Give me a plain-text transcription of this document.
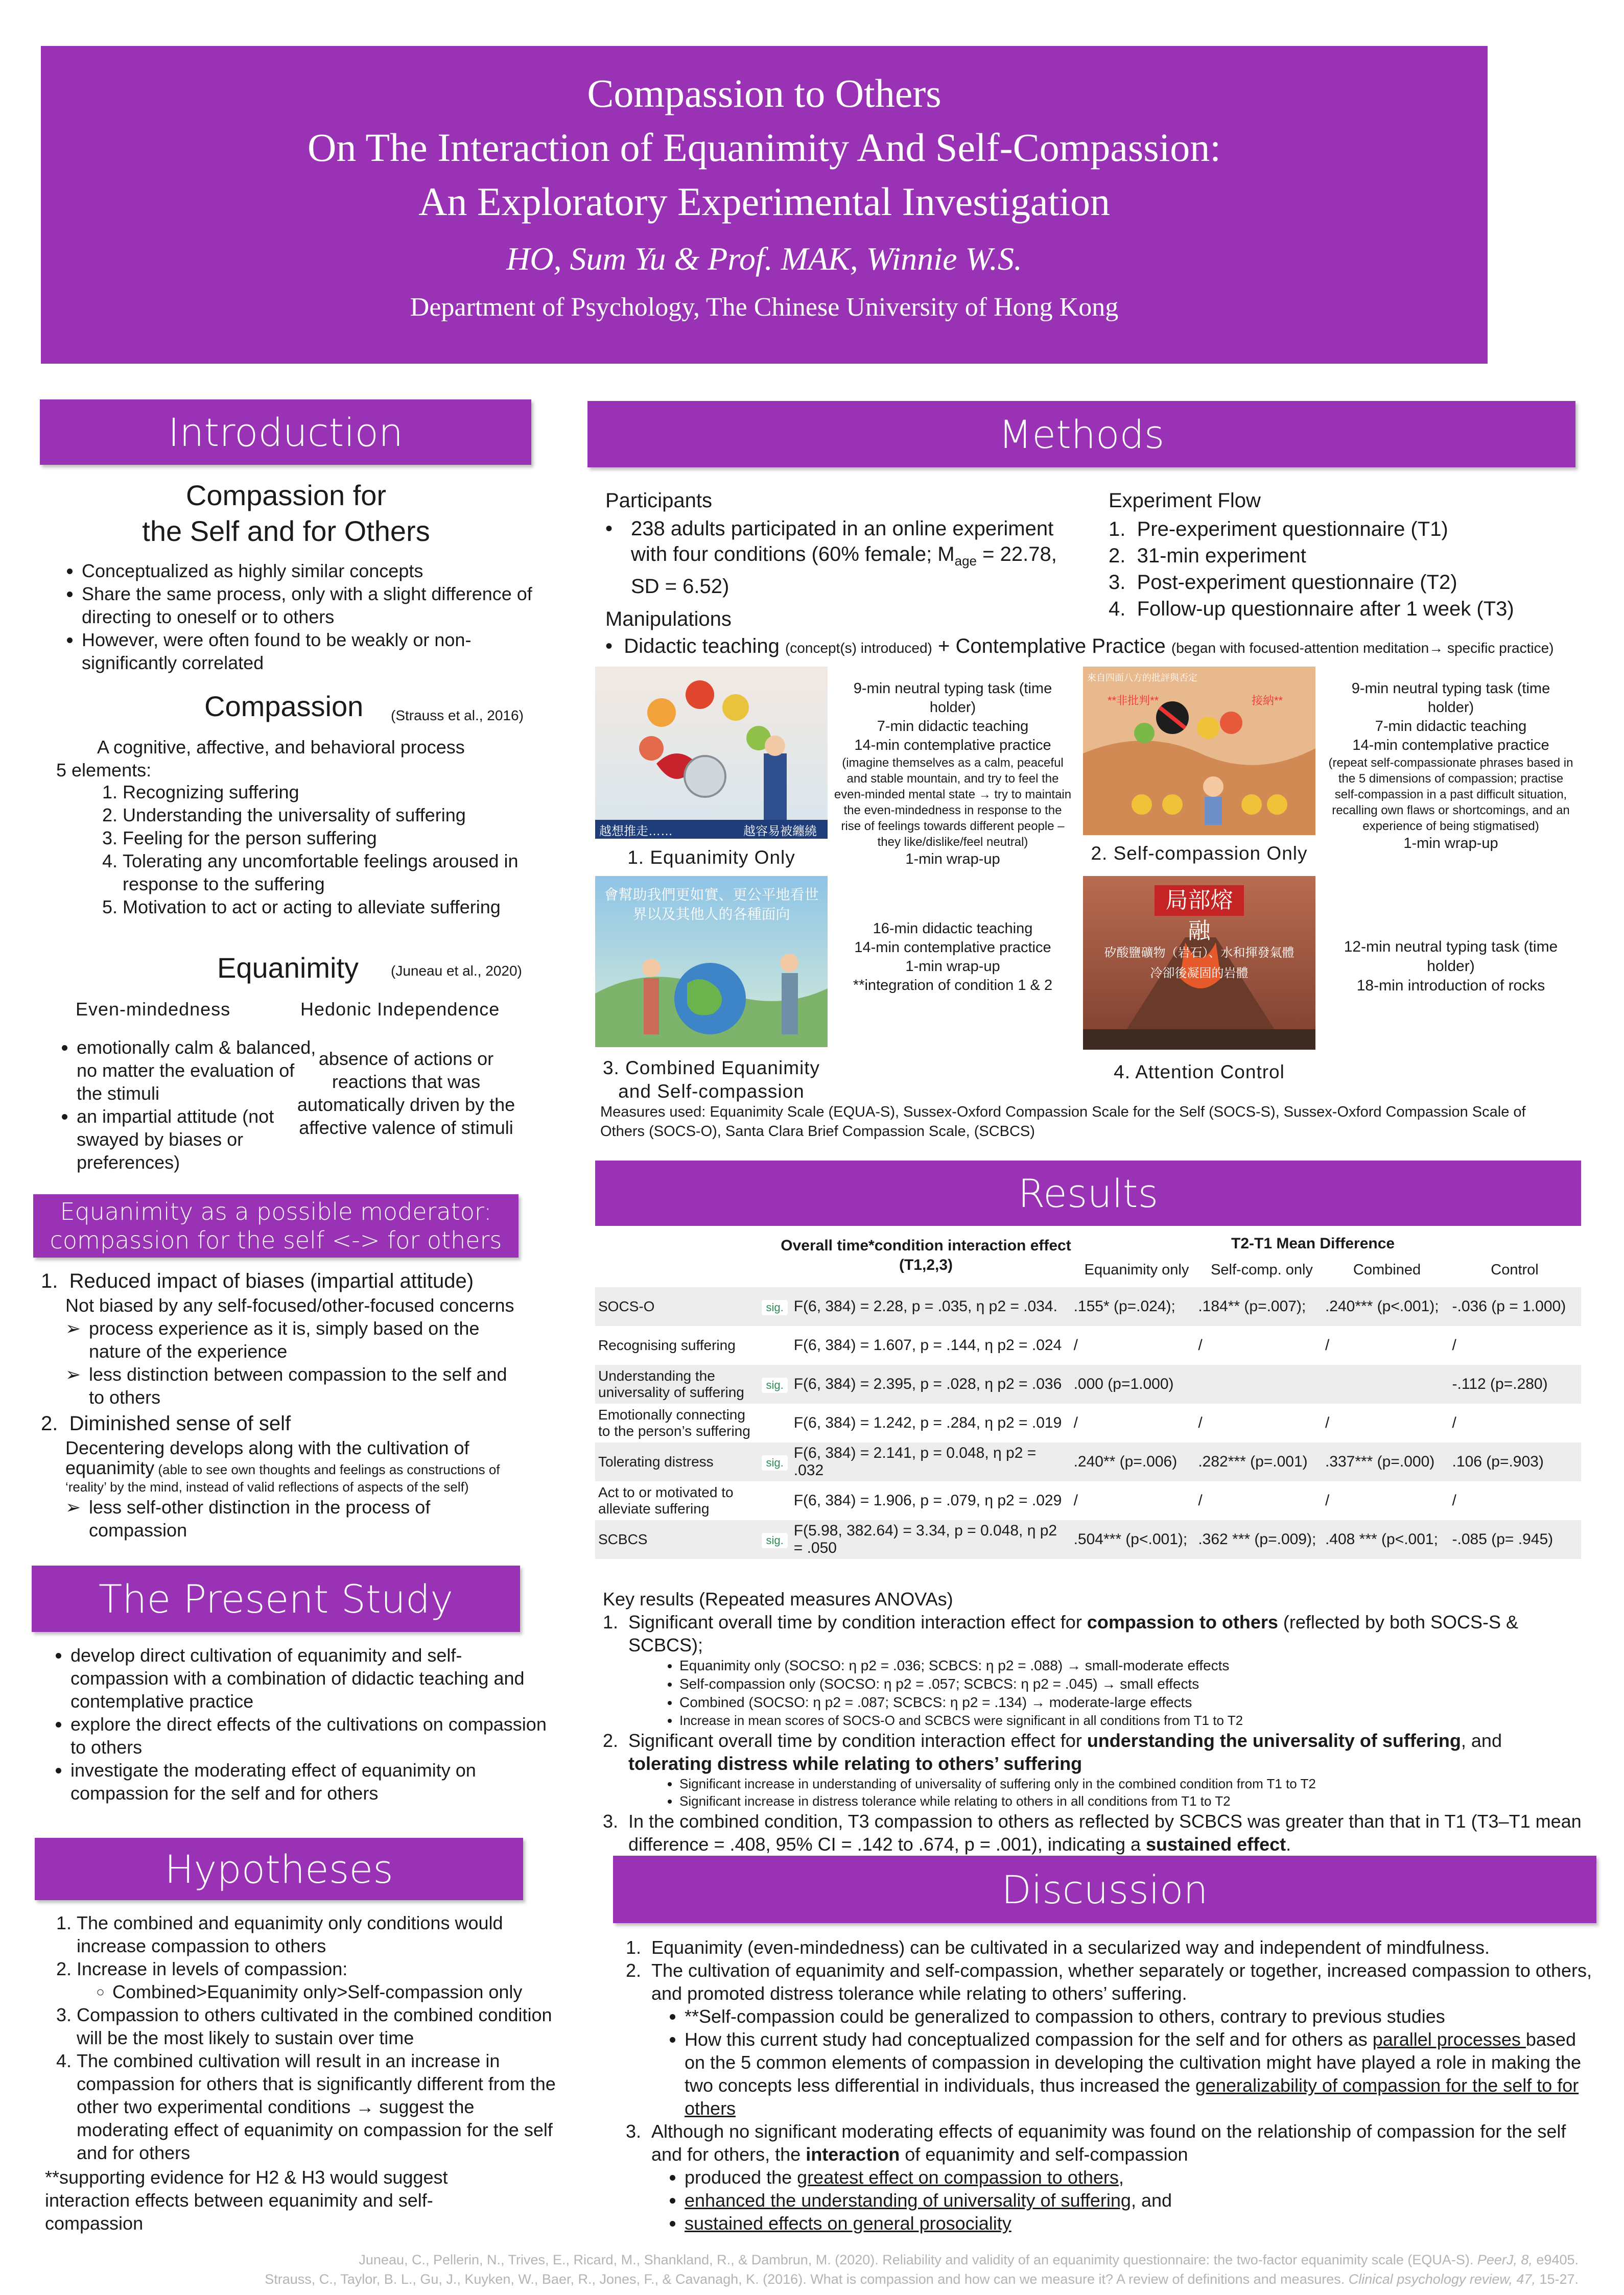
Compassion to Others
On The Interaction of Equanimity And Self-Compassion:
An Exploratory Experimental Investigation
HO, Sum Yu & Prof. MAK, Winnie W.S.
Department of Psychology, The Chinese University of Hong Kong
Introduction
Compassion for
the Self and for Others
• Conceptualized as highly similar concepts
• Share the same process, only with a slight difference of directing to oneself or to others
• However, were often found to be weakly or non-significantly correlated
Compassion (Strauss et al., 2016)
A cognitive, affective, and behavioral process
5 elements:
1. Recognizing suffering
2. Understanding the universality of suffering
3. Feeling for the person suffering
4. Tolerating any uncomfortable feelings aroused in response to the suffering
5. Motivation to act or acting to alleviate suffering
Equanimity (Juneau et al., 2020)
Even-mindedness	Hedonic Independence
• emotionally calm & balanced, no matter the evaluation of the stimuli
• an impartial attitude (not swayed by biases or preferences)
absence of actions or reactions that was automatically driven by the affective valence of stimuli
Equanimity as a possible moderator:
compassion for the self <-> for others
1.  Reduced impact of biases (impartial attitude)
Not biased by any self-focused/other-focused concerns
➢ process experience as it is, simply based on the nature of the experience
➢ less distinction between compassion to the self and to others
2.  Diminished sense of self
Decentering develops along with the cultivation of
equanimity (able to see own thoughts and feelings as constructions of ‘reality’ by the mind, instead of valid reflections of aspects of the self)
➢ less self-other distinction in the process of compassion
The Present Study
• develop direct cultivation of equanimity and self-compassion with a combination of didactic teaching and contemplative practice
• explore the direct effects of the cultivations on compassion to others
• investigate the moderating effect of equanimity on compassion for the self and for others
Hypotheses
1. The combined and equanimity only conditions would increase compassion to others
2. Increase in levels of compassion:
◦ Combined>Equanimity only>Self-compassion only
3. Compassion to others cultivated in the combined condition will be the most likely to sustain over time
4. The combined cultivation will result in an increase in compassion for others that is significantly different from the other two experimental conditions → suggest the moderating effect of equanimity on compassion for the self and for others
**supporting evidence for H2 & H3 would suggest interaction effects between equanimity and self-compassion
Methods
Participants
• 238 adults participated in an online experiment with four conditions (60% female; $M_{age} = 22.78$, SD = 6.52)
Experiment Flow
1.  Pre-experiment questionnaire (T1)
2.  31-min experiment
3.  Post-experiment questionnaire (T2)
4.  Follow-up questionnaire after 1 week (T3)
Manipulations
•  Didactic teaching (concept(s) introduced) + Contemplative Practice (began with focused-attention meditation→ specific practice)
越想推走……	越容易被纏繞
1. Equanimity Only
9-min neutral typing task (time holder)
7-min didactic teaching
14-min contemplative practice
(imagine themselves as a calm, peaceful and stable mountain, and try to feel the even-minded mental state → try to maintain the even-mindedness in response to the rise of feelings towards different people – they like/dislike/feel neutral)
1-min wrap-up
來自四面八方的批評與否定
**非批判**	接納**
2. Self-compassion Only
9-min neutral typing task (time holder)
7-min didactic teaching
14-min contemplative practice
(repeat self-compassionate phrases based in the 5 dimensions of compassion; practise self-compassion in a past difficult situation, recalling own flaws or shortcomings, and an experience of being stigmatised)
1-min wrap-up
會幫助我們更如實、更公平地看世界以及其他人的各種面向
3. Combined Equanimity
and Self-compassion
16-min didactic teaching
14-min contemplative practice
1-min wrap-up
**integration of condition 1 & 2
局部熔融
矽酸鹽礦物（岩石）、水和揮發氣體
冷卻後凝固的岩體
4. Attention Control
12-min neutral typing task (time holder)
18-min introduction of rocks
Measures used: Equanimity Scale (EQUA-S), Sussex-Oxford Compassion Scale for the Self (SOCS-S), Sussex-Oxford Compassion Scale of Others (SOCS-O), Santa Clara Brief Compassion Scale, (SCBCS)
Results
Overall time*condition interaction effect
(T1,2,3)
T2-T1 Mean Difference
Equanimity only	Self-comp. only	Combined	Control
SOCS-O	sig.	F(6, 384) = 2.28, p = .035, η p2 = .034.	.155* (p=.024);	.184** (p=.007);	.240*** (p<.001);	-.036 (p = 1.000)
Recognising suffering		F(6, 384) = 1.607, p = .144, η p2 = .024	/	/	/	/
Understanding the universality of suffering	sig.	F(6, 384) = 2.395, p = .028, η p2 = .036	.000 (p=1.000)			-.112 (p=.280)
Emotionally connecting to the person’s suffering		F(6, 384) = 1.242, p = .284, η p2 = .019	/	/	/	/
Tolerating distress	sig.	F(6, 384) = 2.141, p = 0.048, η p2 = .032	.240** (p=.006)	.282*** (p=.001)	.337*** (p=.000)	.106 (p=.903)
Act to or motivated to alleviate suffering		F(6, 384) = 1.906, p = .079, η p2 = .029	/	/	/	/
SCBCS	sig.	F(5.98, 382.64) = 3.34, p = 0.048, η p2 = .050	.504*** (p<.001);	.362 *** (p=.009);	.408 *** (p<.001;	-.085 (p= .945)
Key results (Repeated measures ANOVAs)
1. Significant overall time by condition interaction effect for compassion to others (reflected by both SOCS-S & SCBCS);
• Equanimity only (SOCSO: η p2 = .036; SCBCS: η p2 = .088) → small-moderate effects
• Self-compassion only (SOCSO: η p2 = .057; SCBCS: η p2 = .045) → small effects
• Combined (SOCSO: η p2 = .087; SCBCS: η p2 = .134) → moderate-large effects
• Increase in mean scores of SOCS-O and SCBCS were significant in all conditions from T1 to T2
2. Significant overall time by condition interaction effect for understanding the universality of suffering, and tolerating distress while relating to others’ suffering
• Significant increase in understanding of universality of suffering only in the combined condition from T1 to T2
• Significant increase in distress tolerance while relating to others in all conditions from T1 to T2
3. In the combined condition, T3 compassion to others as reflected by SCBCS was greater than that in T1 (T3–T1 mean difference = .408, 95% CI = .142 to .674, p = .001), indicating a sustained effect.
Discussion
1. Equanimity (even-mindedness) can be cultivated in a secularized way and independent of mindfulness.
2. The cultivation of equanimity and self-compassion, whether separately or together, increased compassion to others, and promoted distress tolerance while relating to others’ suffering.
• **Self-compassion could be generalized to compassion to others, contrary to previous studies
• How this current study had conceptualized compassion for the self and for others as parallel processes based on the 5 common elements of compassion in developing the cultivation might have played a role in making the two concepts less differential in individuals, thus increased the generalizability of compassion for the self to for others
3. Although no significant moderating effects of equanimity was found on the relationship of compassion for the self and for others, the interaction of equanimity and self-compassion
• produced the greatest effect on compassion to others,
• enhanced the understanding of universality of suffering, and
• sustained effects on general prosociality
Juneau, C., Pellerin, N., Trives, E., Ricard, M., Shankland, R., & Dambrun, M. (2020). Reliability and validity of an equanimity questionnaire: the two-factor equanimity scale (EQUA-S). PeerJ, 8, e9405.
Strauss, C., Taylor, B. L., Gu, J., Kuyken, W., Baer, R., Jones, F., & Cavanagh, K. (2016). What is compassion and how can we measure it? A review of definitions and measures. Clinical psychology review, 47, 15-27.
